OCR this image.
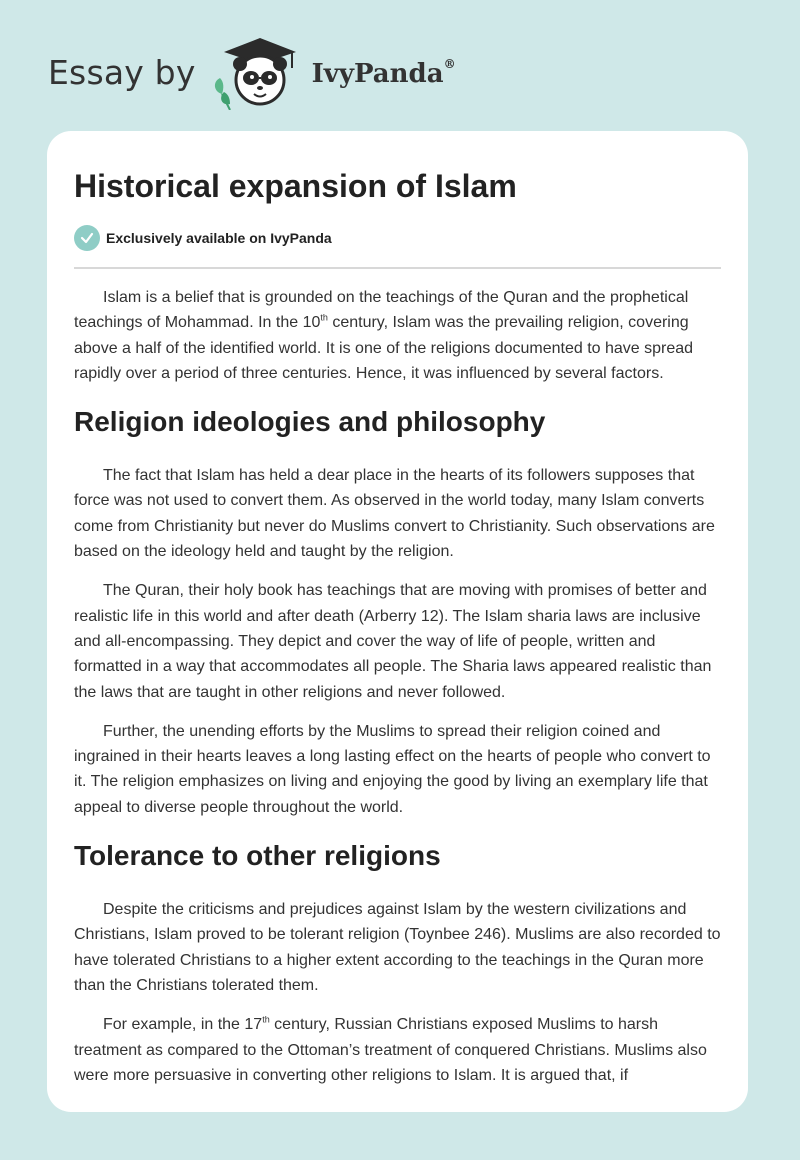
Essay by	IvyPanda®
Historical expansion of Islam
Exclusively available on IvyPanda

Islam is a belief that is grounded on the teachings of the Quran and the prophetical teachings of Mohammad. In the 10th century, Islam was the prevailing religion, covering above a half of the identified world. It is one of the religions documented to have spread rapidly over a period of three centuries. Hence, it was influenced by several factors.

Religion ideologies and philosophy

The fact that Islam has held a dear place in the hearts of its followers supposes that force was not used to convert them. As observed in the world today, many Islam converts come from Christianity but never do Muslims convert to Christianity. Such observations are based on the ideology held and taught by the religion.

The Quran, their holy book has teachings that are moving with promises of better and realistic life in this world and after death (Arberry 12). The Islam sharia laws are inclusive and all-encompassing. They depict and cover the way of life of people, written and formatted in a way that accommodates all people. The Sharia laws appeared realistic than the laws that are taught in other religions and never followed.

Further, the unending efforts by the Muslims to spread their religion coined and ingrained in their hearts leaves a long lasting effect on the hearts of people who convert to it. The religion emphasizes on living and enjoying the good by living an exemplary life that appeal to diverse people throughout the world.

Tolerance to other religions

Despite the criticisms and prejudices against Islam by the western civilizations and Christians, Islam proved to be tolerant religion (Toynbee 246). Muslims are also recorded to have tolerated Christians to a higher extent according to the teachings in the Quran more than the Christians tolerated them.

For example, in the 17th century, Russian Christians exposed Muslims to harsh treatment as compared to the Ottoman’s treatment of conquered Christians. Muslims also were more persuasive in converting other religions to Islam. It is argued that, if
